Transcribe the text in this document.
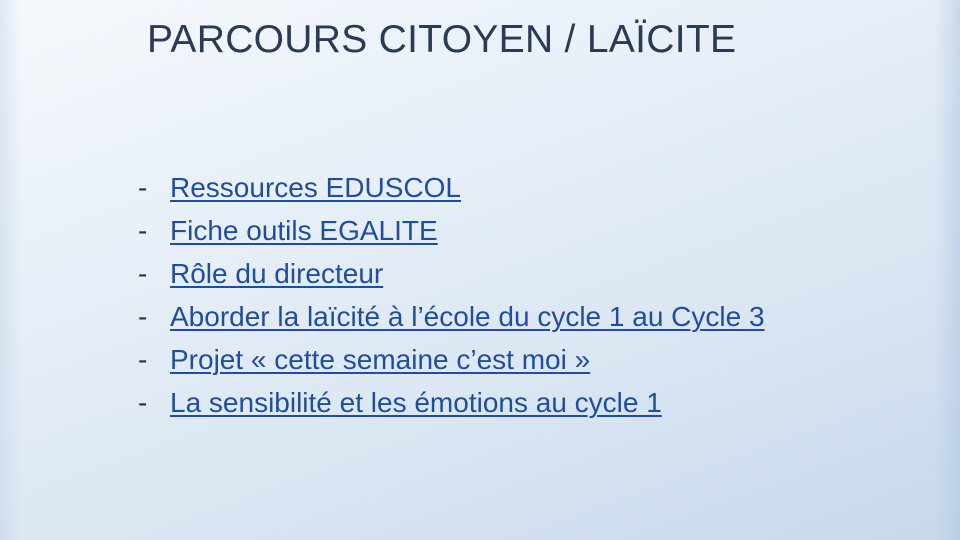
PARCOURS CITOYEN / LAÏCITE
- Ressources EDUSCOL
- Fiche outils EGALITE
- Rôle du directeur
- Aborder la laïcité à l’école du cycle 1 au Cycle 3
- Projet « cette semaine c’est moi »
- La sensibilité et les émotions au cycle 1
